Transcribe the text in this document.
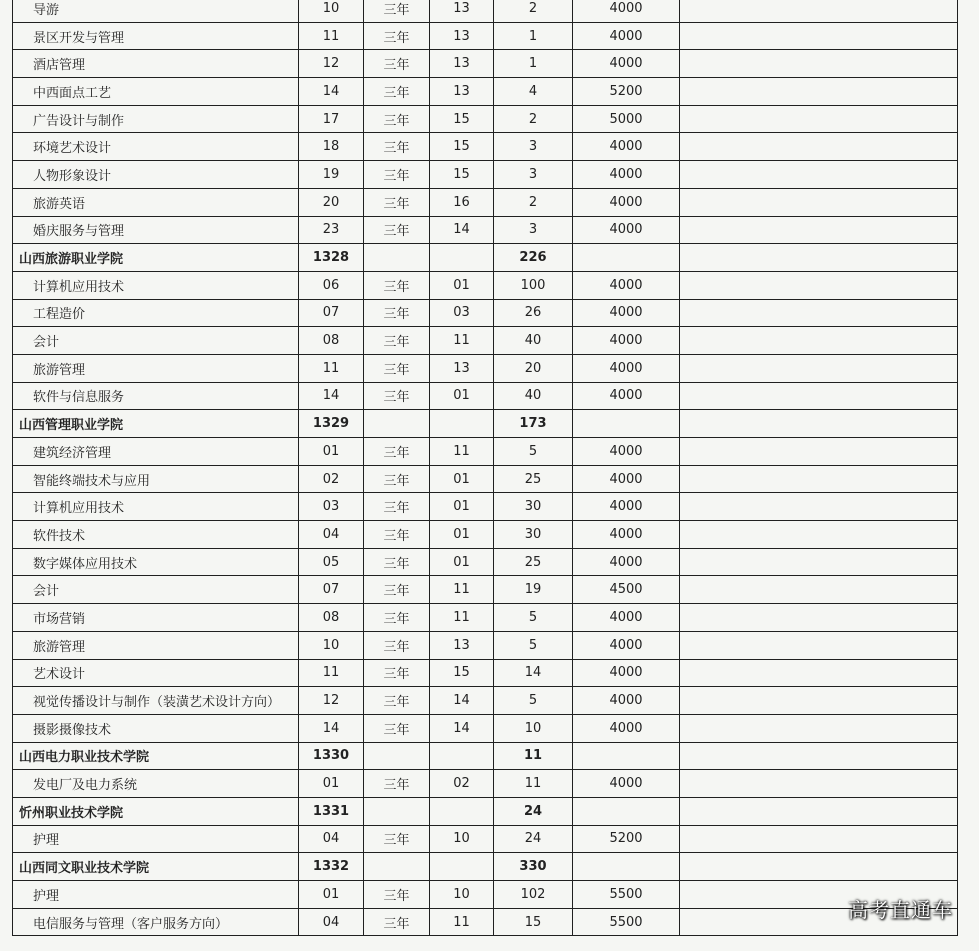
导游	10	三年	13	2	4000	
景区开发与管理	11	三年	13	1	4000	
酒店管理	12	三年	13	1	4000	
中西面点工艺	14	三年	13	4	5200	
广告设计与制作	17	三年	15	2	5000	
环境艺术设计	18	三年	15	3	4000	
人物形象设计	19	三年	15	3	4000	
旅游英语	20	三年	16	2	4000	
婚庆服务与管理	23	三年	14	3	4000	
山西旅游职业学院	1328			226		
计算机应用技术	06	三年	01	100	4000	
工程造价	07	三年	03	26	4000	
会计	08	三年	11	40	4000	
旅游管理	11	三年	13	20	4000	
软件与信息服务	14	三年	01	40	4000	
山西管理职业学院	1329			173		
建筑经济管理	01	三年	11	5	4000	
智能终端技术与应用	02	三年	01	25	4000	
计算机应用技术	03	三年	01	30	4000	
软件技术	04	三年	01	30	4000	
数字媒体应用技术	05	三年	01	25	4000	
会计	07	三年	11	19	4500	
市场营销	08	三年	11	5	4000	
旅游管理	10	三年	13	5	4000	
艺术设计	11	三年	15	14	4000	
视觉传播设计与制作（装潢艺术设计方向）	12	三年	14	5	4000	
摄影摄像技术	14	三年	14	10	4000	
山西电力职业技术学院	1330			11		
发电厂及电力系统	01	三年	02	11	4000	
忻州职业技术学院	1331			24		
护理	04	三年	10	24	5200	
山西同文职业技术学院	1332			330		
护理	01	三年	10	102	5500	
电信服务与管理（客户服务方向）	04	三年	11	15	5500	
高考直通车
